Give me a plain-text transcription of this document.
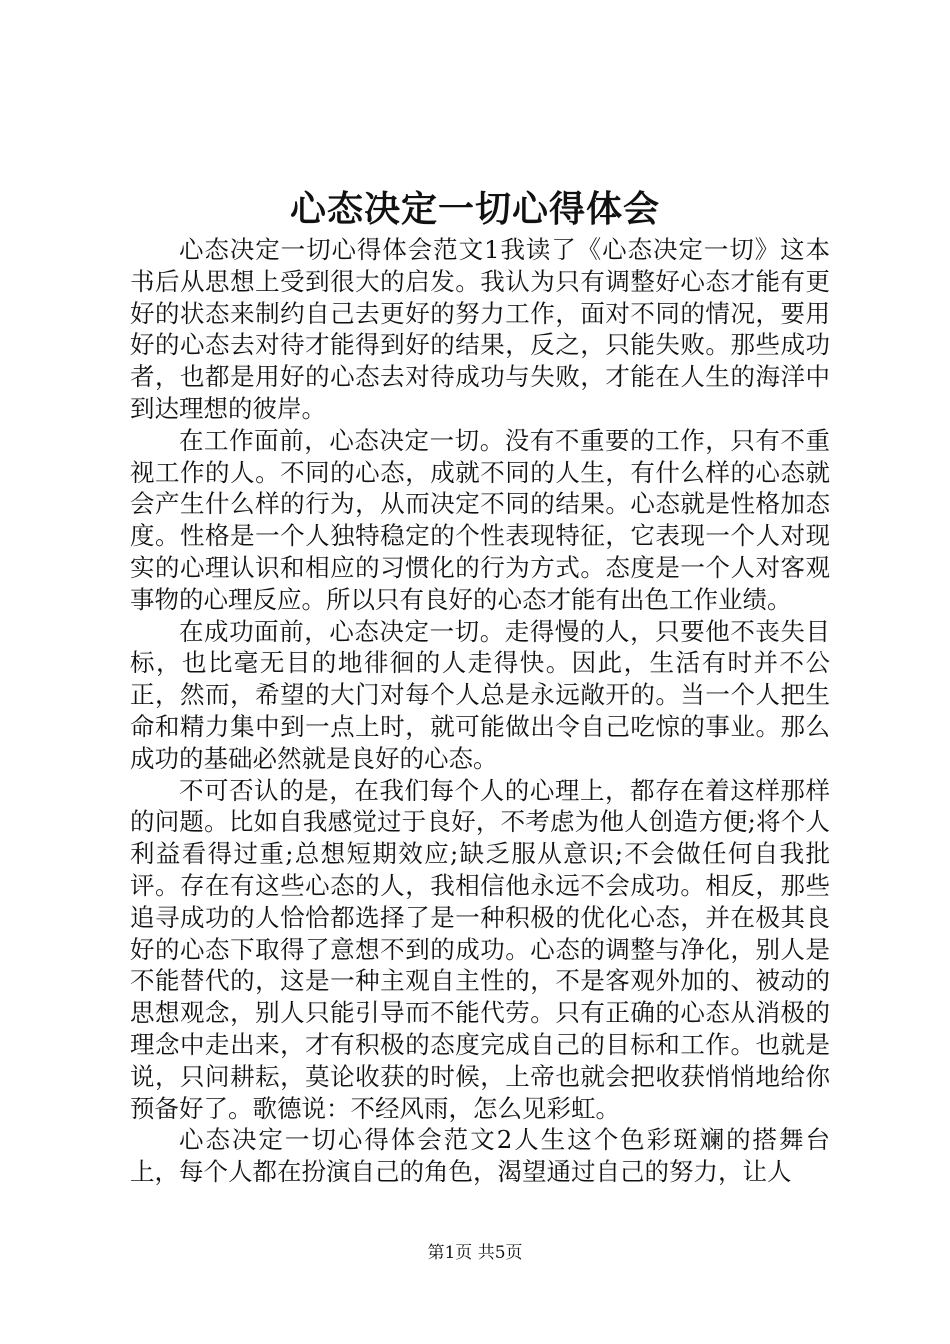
心态决定一切心得体会

心态决定一切心得体会范文1我读了《心态决定一切》这本书后从思想上受到很大的启发。我认为只有调整好心态才能有更好的状态来制约自己去更好的努力工作，面对不同的情况，要用好的心态去对待才能得到好的结果，反之，只能失败。那些成功者，也都是用好的心态去对待成功与失败，才能在人生的海洋中到达理想的彼岸。

在工作面前，心态决定一切。没有不重要的工作，只有不重视工作的人。不同的心态，成就不同的人生，有什么样的心态就会产生什么样的行为，从而决定不同的结果。心态就是性格加态度。性格是一个人独特稳定的个性表现特征，它表现一个人对现实的心理认识和相应的习惯化的行为方式。态度是一个人对客观事物的心理反应。所以只有良好的心态才能有出色工作业绩。

在成功面前，心态决定一切。走得慢的人，只要他不丧失目标，也比毫无目的地徘徊的人走得快。因此，生活有时并不公正，然而，希望的大门对每个人总是永远敞开的。当一个人把生命和精力集中到一点上时，就可能做出令自己吃惊的事业。那么成功的基础必然就是良好的心态。

不可否认的是，在我们每个人的心理上，都存在着这样那样的问题。比如自我感觉过于良好，不考虑为他人创造方便;将个人利益看得过重;总想短期效应;缺乏服从意识;不会做任何自我批评。存在有这些心态的人，我相信他永远不会成功。相反，那些追寻成功的人恰恰都选择了是一种积极的优化心态，并在极其良好的心态下取得了意想不到的成功。心态的调整与净化，别人是不能替代的，这是一种主观自主性的，不是客观外加的、被动的思想观念，别人只能引导而不能代劳。只有正确的心态从消极的理念中走出来，才有积极的态度完成自己的目标和工作。也就是说，只问耕耘，莫论收获的时候，上帝也就会把收获悄悄地给你预备好了。歌德说：不经风雨，怎么见彩虹。

心态决定一切心得体会范文2人生这个色彩斑斓的搭舞台上，每个人都在扮演自己的角色，渴望通过自己的努力，让人

第1页 共5页
